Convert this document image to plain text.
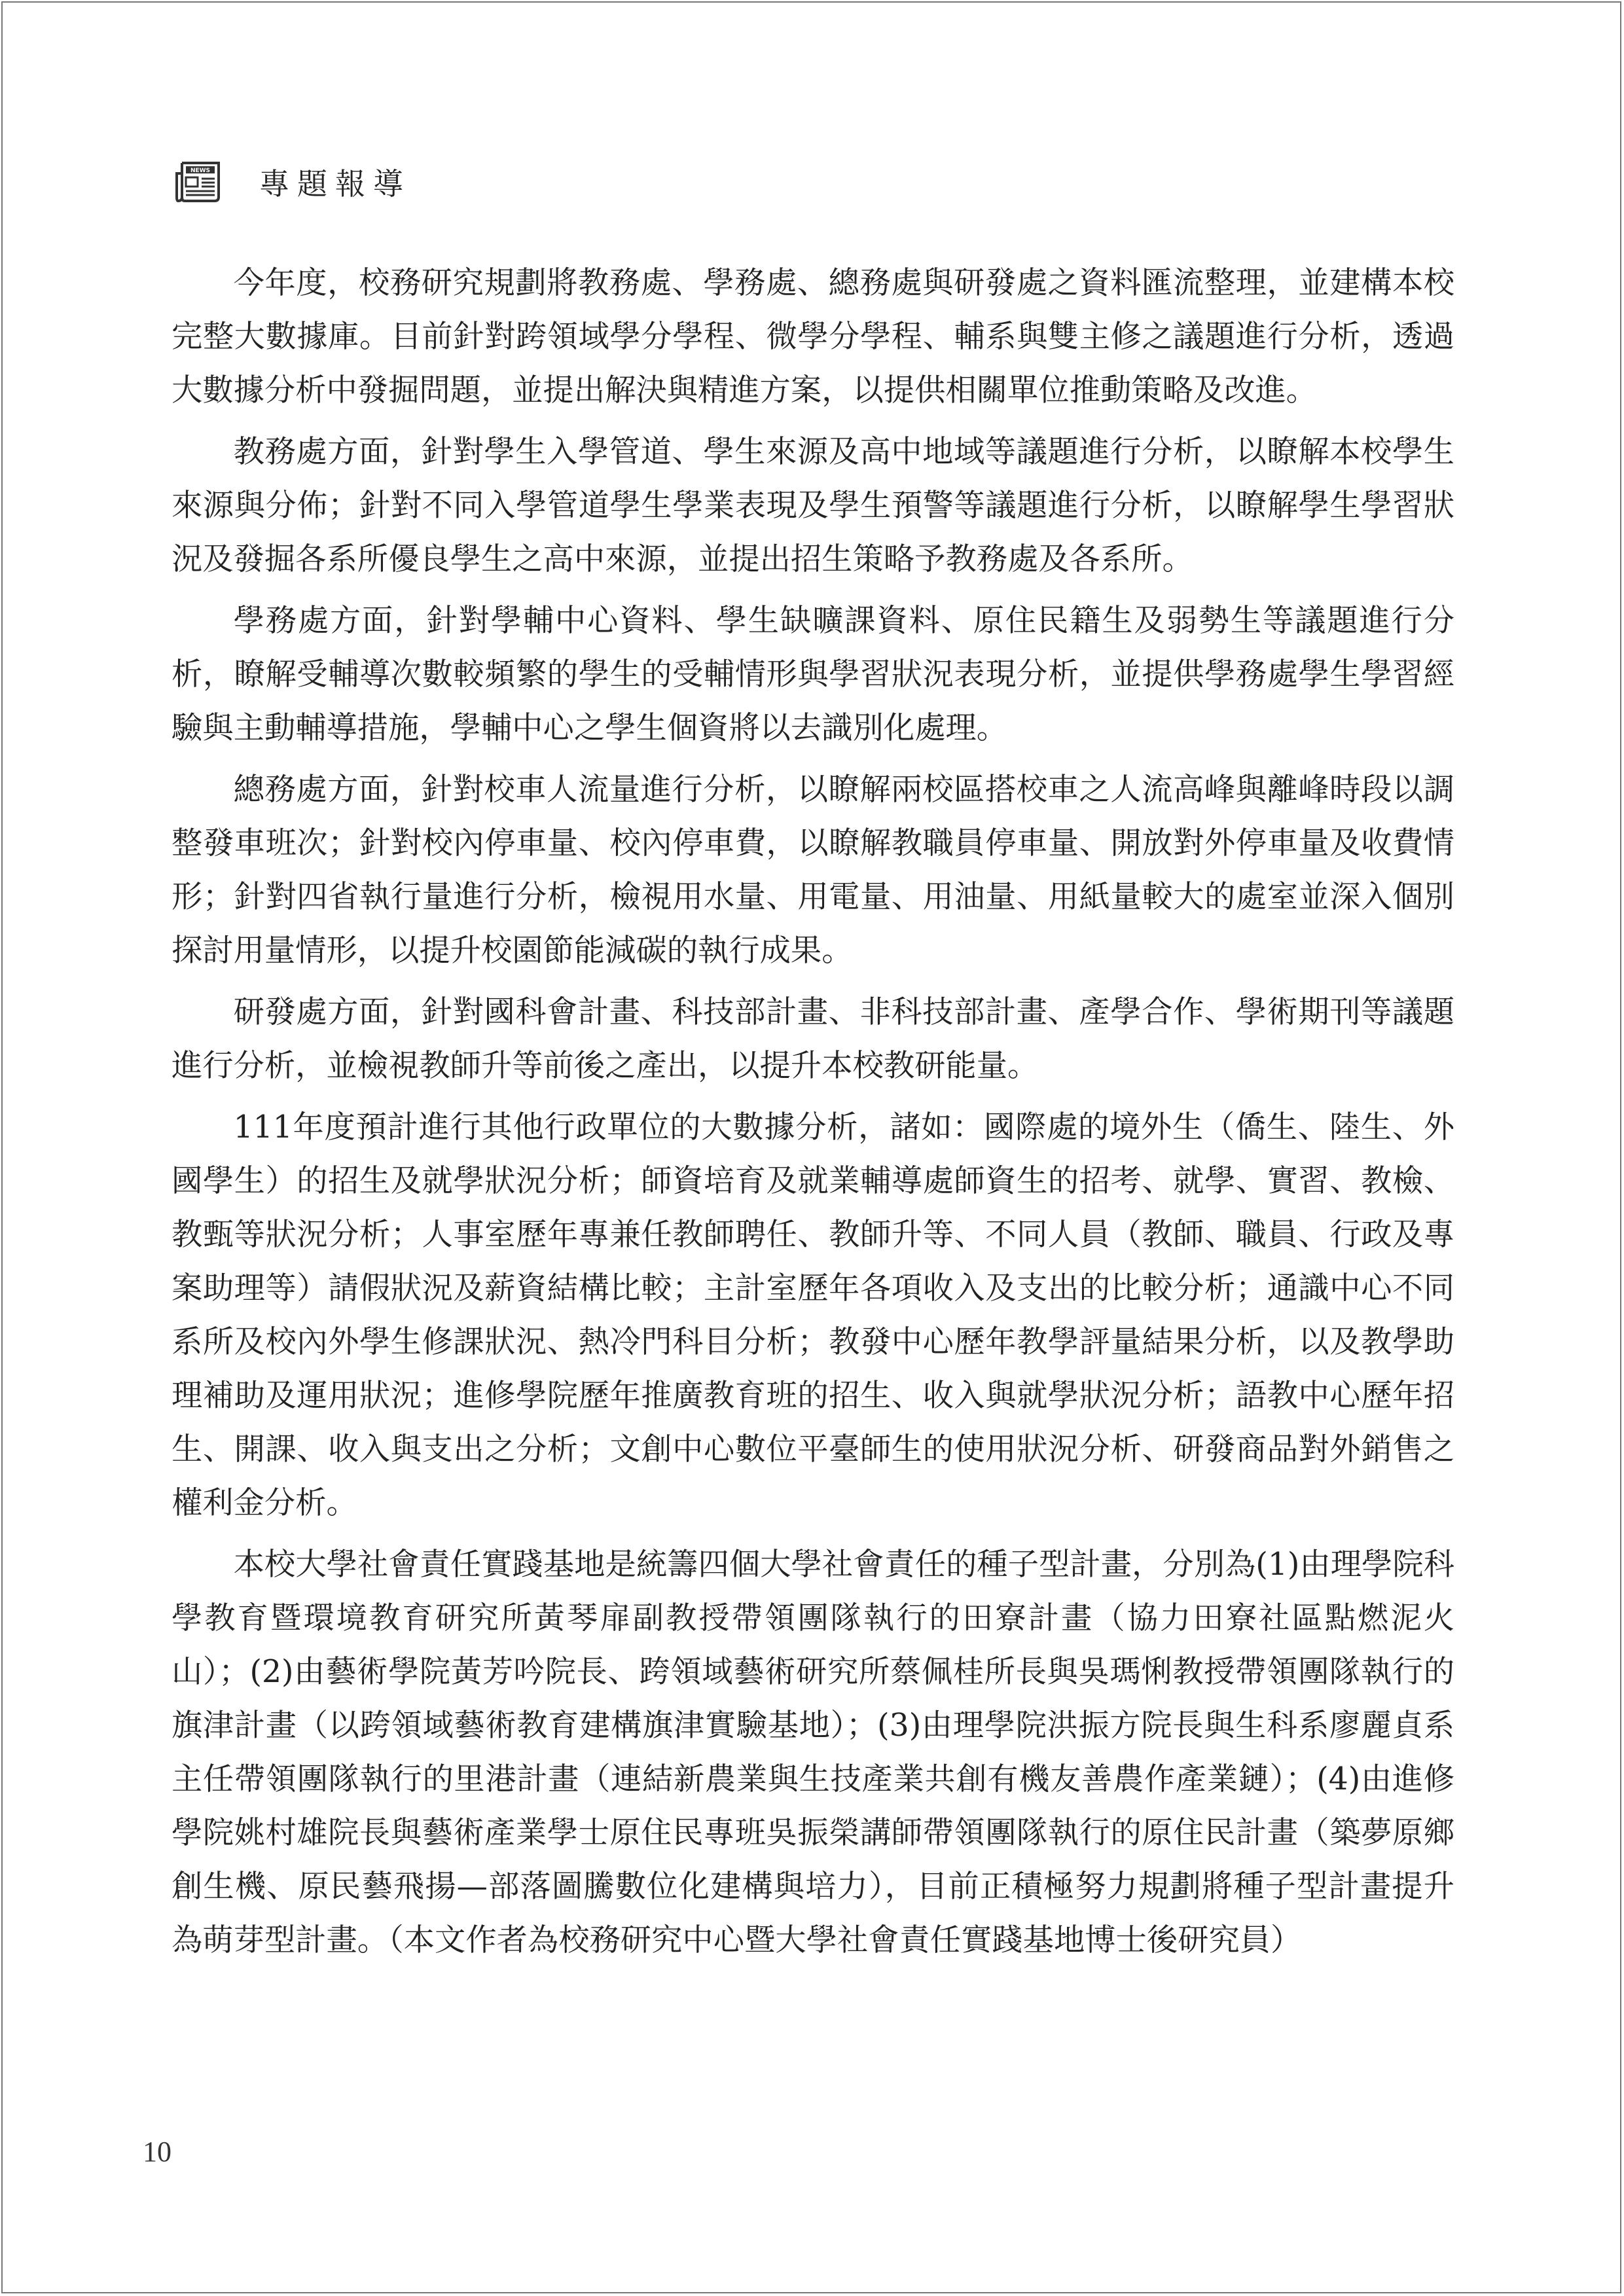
NEWS 專題報導

今年度，校務研究規劃將教務處、學務處、總務處與研發處之資料匯流整理，並建構本校完整大數據庫。目前針對跨領域學分學程、微學分學程、輔系與雙主修之議題進行分析，透過大數據分析中發掘問題，並提出解決與精進方案，以提供相關單位推動策略及改進。

教務處方面，針對學生入學管道、學生來源及高中地域等議題進行分析，以瞭解本校學生來源與分佈；針對不同入學管道學生學業表現及學生預警等議題進行分析，以瞭解學生學習狀況及發掘各系所優良學生之高中來源，並提出招生策略予教務處及各系所。

學務處方面，針對學輔中心資料、學生缺曠課資料、原住民籍生及弱勢生等議題進行分析，瞭解受輔導次數較頻繁的學生的受輔情形與學習狀況表現分析，並提供學務處學生學習經驗與主動輔導措施，學輔中心之學生個資將以去識別化處理。

總務處方面，針對校車人流量進行分析，以瞭解兩校區搭校車之人流高峰與離峰時段以調整發車班次；針對校內停車量、校內停車費，以瞭解教職員停車量、開放對外停車量及收費情形；針對四省執行量進行分析，檢視用水量、用電量、用油量、用紙量較大的處室並深入個別探討用量情形，以提升校園節能減碳的執行成果。

研發處方面，針對國科會計畫、科技部計畫、非科技部計畫、產學合作、學術期刊等議題進行分析，並檢視教師升等前後之產出，以提升本校教研能量。

111年度預計進行其他行政單位的大數據分析，諸如：國際處的境外生（僑生、陸生、外國學生）的招生及就學狀況分析；師資培育及就業輔導處師資生的招考、就學、實習、教檢、教甄等狀況分析；人事室歷年專兼任教師聘任、教師升等、不同人員（教師、職員、行政及專案助理等）請假狀況及薪資結構比較；主計室歷年各項收入及支出的比較分析；通識中心不同系所及校內外學生修課狀況、熱冷門科目分析；教發中心歷年教學評量結果分析，以及教學助理補助及運用狀況；進修學院歷年推廣教育班的招生、收入與就學狀況分析；語教中心歷年招生、開課、收入與支出之分析；文創中心數位平臺師生的使用狀況分析、研發商品對外銷售之權利金分析。

本校大學社會責任實踐基地是統籌四個大學社會責任的種子型計畫，分別為(1)由理學院科學教育暨環境教育研究所黃琴扉副教授帶領團隊執行的田寮計畫（協力田寮社區點燃泥火山）；(2)由藝術學院黃芳吟院長、跨領域藝術研究所蔡佩桂所長與吳瑪悧教授帶領團隊執行的旗津計畫（以跨領域藝術教育建構旗津實驗基地）；(3)由理學院洪振方院長與生科系廖麗貞系主任帶領團隊執行的里港計畫（連結新農業與生技產業共創有機友善農作產業鏈）；(4)由進修學院姚村雄院長與藝術產業學士原住民專班吳振榮講師帶領團隊執行的原住民計畫（築夢原鄉創生機、原民藝飛揚—部落圖騰數位化建構與培力），目前正積極努力規劃將種子型計畫提升為萌芽型計畫。（本文作者為校務研究中心暨大學社會責任實踐基地博士後研究員）

10
